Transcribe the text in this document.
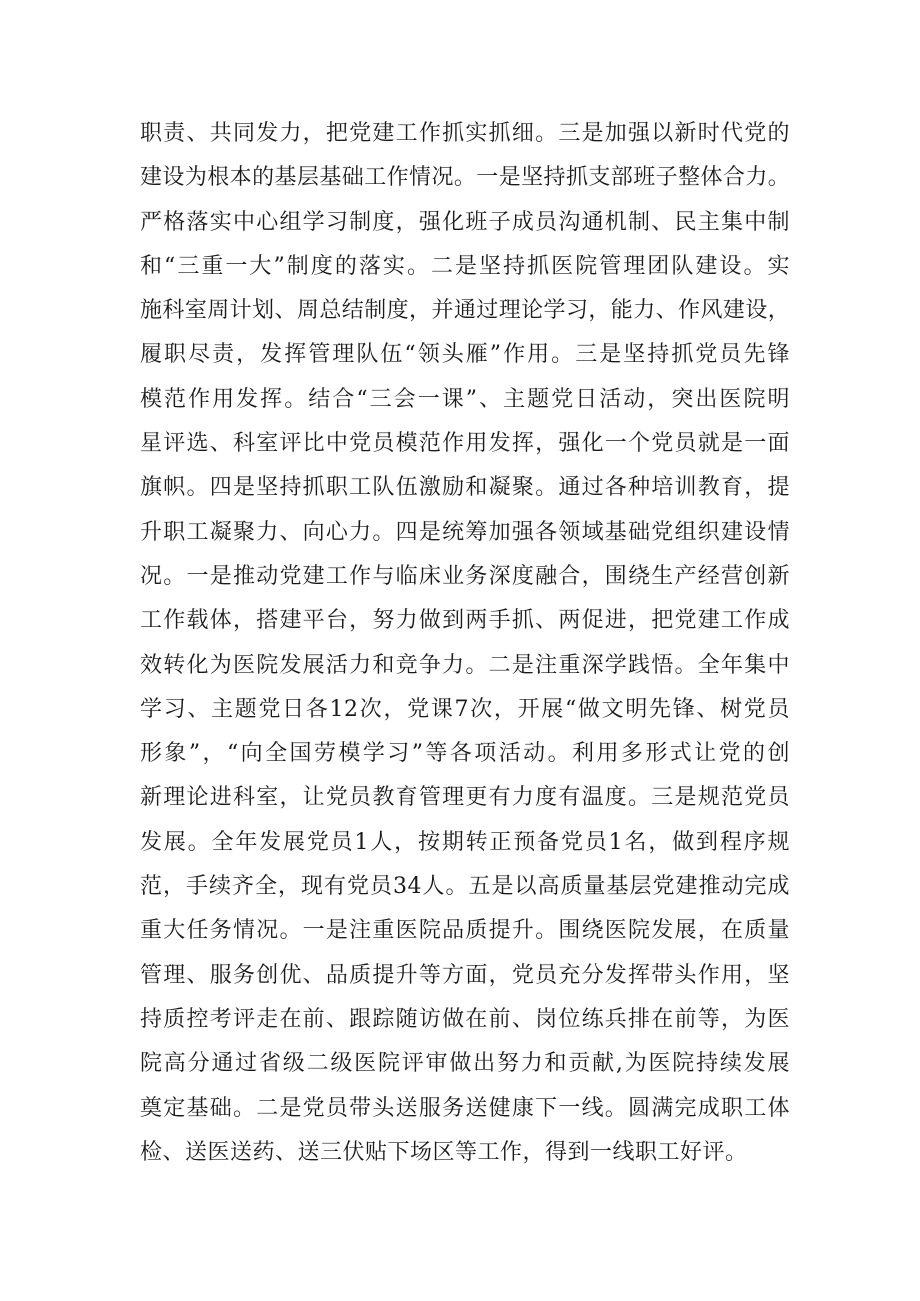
职责、共同发力，把党建工作抓实抓细。三是加强以新时代党的
建设为根本的基层基础工作情况。一是坚持抓支部班子整体合力。
严格落实中心组学习制度，强化班子成员沟通机制、民主集中制
和“三重一大”制度的落实。二是坚持抓医院管理团队建设。实
施科室周计划、周总结制度，并通过理论学习，能力、作风建设，
履职尽责，发挥管理队伍“领头雁”作用。三是坚持抓党员先锋
模范作用发挥。结合“三会一课”、主题党日活动，突出医院明
星评选、科室评比中党员模范作用发挥，强化一个党员就是一面
旗帜。四是坚持抓职工队伍激励和凝聚。通过各种培训教育，提
升职工凝聚力、向心力。四是统筹加强各领域基础党组织建设情
况。一是推动党建工作与临床业务深度融合，围绕生产经营创新
工作载体，搭建平台，努力做到两手抓、两促进，把党建工作成
效转化为医院发展活力和竞争力。二是注重深学践悟。全年集中
学习、主题党日各12次，党课7次，开展“做文明先锋、树党员
形象”，“向全国劳模学习”等各项活动。利用多形式让党的创
新理论进科室，让党员教育管理更有力度有温度。三是规范党员
发展。全年发展党员1人，按期转正预备党员1名，做到程序规
范，手续齐全，现有党员34人。五是以高质量基层党建推动完成
重大任务情况。一是注重医院品质提升。围绕医院发展，在质量
管理、服务创优、品质提升等方面，党员充分发挥带头作用，坚
持质控考评走在前、跟踪随访做在前、岗位练兵排在前等，为医
院高分通过省级二级医院评审做出努力和贡献,为医院持续发展
奠定基础。二是党员带头送服务送健康下一线。圆满完成职工体
检、送医送药、送三伏贴下场区等工作，得到一线职工好评。
